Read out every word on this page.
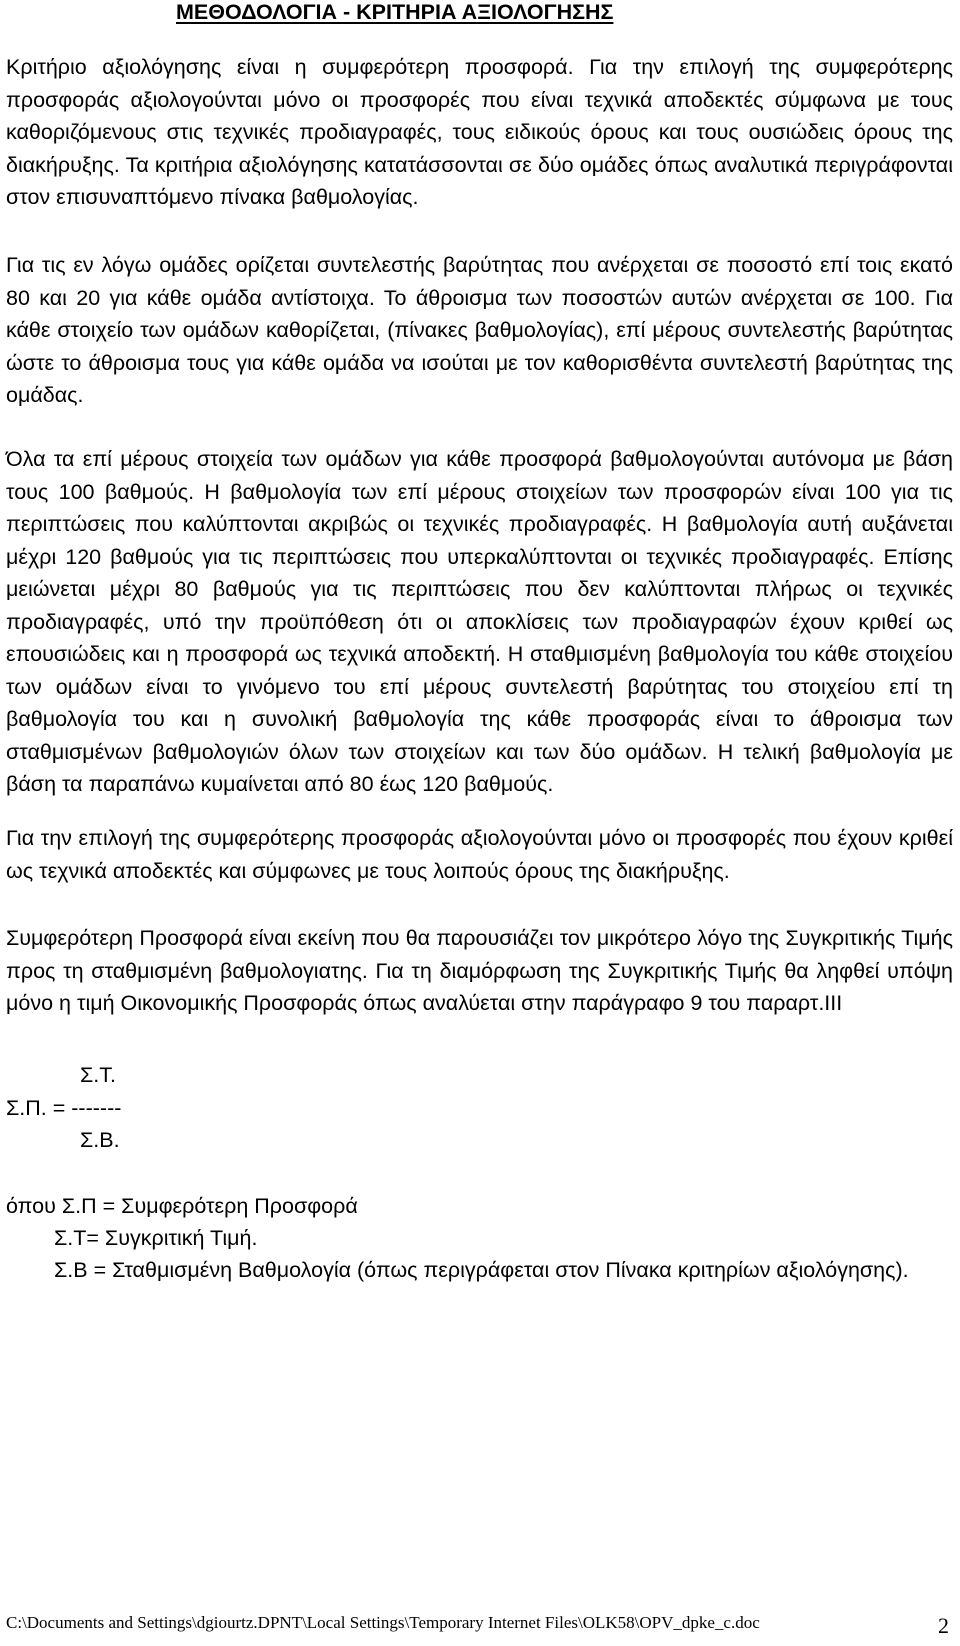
ΜΕΘΟΔΟΛΟΓΙΑ - ΚΡΙΤΗΡΙΑ ΑΞΙΟΛΟΓΗΣΗΣ

Κριτήριο αξιολόγησης είναι η συμφερότερη προσφορά. Για την επιλογή της συμφερότερης προσφοράς αξιολογούνται μόνο οι προσφορές που είναι τεχνικά αποδεκτές σύμφωνα με τους καθοριζόμενους στις τεχνικές προδιαγραφές, τους ειδικούς όρους και τους ουσιώδεις όρους της διακήρυξης. Τα κριτήρια αξιολόγησης κατατάσσονται σε δύο ομάδες όπως αναλυτικά περιγράφονται στον επισυναπτόμενο πίνακα βαθμολογίας.

Για τις εν λόγω ομάδες ορίζεται συντελεστής βαρύτητας που ανέρχεται σε ποσοστό επί τοις εκατό 80 και 20 για κάθε ομάδα αντίστοιχα. Το άθροισμα των ποσοστών αυτών ανέρχεται σε 100. Για κάθε στοιχείο των ομάδων καθορίζεται, (πίνακες βαθμολογίας), επί μέρους συντελεστής βαρύτητας ώστε το άθροισμα τους για κάθε ομάδα να ισούται με τον καθορισθέντα συντελεστή βαρύτητας της ομάδας.

Όλα τα επί μέρους στοιχεία των ομάδων για κάθε προσφορά βαθμολογούνται αυτόνομα με βάση τους 100 βαθμούς. Η βαθμολογία των επί μέρους στοιχείων των προσφορών είναι 100 για τις περιπτώσεις που καλύπτονται ακριβώς οι τεχνικές προδιαγραφές. Η βαθμολογία αυτή αυξάνεται μέχρι 120 βαθμούς για τις περιπτώσεις που υπερκαλύπτονται οι τεχνικές προδιαγραφές. Επίσης μειώνεται μέχρι 80 βαθμούς για τις περιπτώσεις που δεν καλύπτονται πλήρως οι τεχνικές προδιαγραφές, υπό την προϋπόθεση ότι οι αποκλίσεις των προδιαγραφών έχουν κριθεί ως επουσιώδεις και η προσφορά ως τεχνικά αποδεκτή. Η σταθμισμένη βαθμολογία του κάθε στοιχείου των ομάδων είναι το γινόμενο του επί μέρους συντελεστή βαρύτητας του στοιχείου επί τη βαθμολογία του και η συνολική βαθμολογία της κάθε προσφοράς είναι το άθροισμα των σταθμισμένων βαθμολογιών όλων των στοιχείων και των δύο ομάδων. Η τελική βαθμολογία με βάση τα παραπάνω κυμαίνεται από 80 έως 120 βαθμούς.

Για την επιλογή της συμφερότερης προσφοράς αξιολογούνται μόνο οι προσφορές που έχουν κριθεί ως τεχνικά αποδεκτές και σύμφωνες με τους λοιπούς όρους της διακήρυξης.

Συμφερότερη Προσφορά είναι εκείνη που θα παρουσιάζει τον μικρότερο λόγο της Συγκριτικής Τιμής προς τη σταθμισμένη βαθμολογιατης. Για τη διαμόρφωση της Συγκριτικής Τιμής θα ληφθεί υπόψη μόνο η τιμή Οικονομικής Προσφοράς όπως αναλύεται στην παράγραφο 9 του παραρτ.ΙΙΙ

Σ.Τ.
Σ.Π. = -------
Σ.Β.
όπου Σ.Π = Συμφερότερη Προσφορά
Σ.Τ= Συγκριτική Τιμή.
Σ.Β = Σταθμισμένη Βαθμολογία (όπως περιγράφεται στον Πίνακα κριτηρίων αξιολόγησης).
C:\Documents and Settings\dgiourtz.DPNT\Local Settings\Temporary Internet Files\OLK58\OPV_dpke_c.doc	2
